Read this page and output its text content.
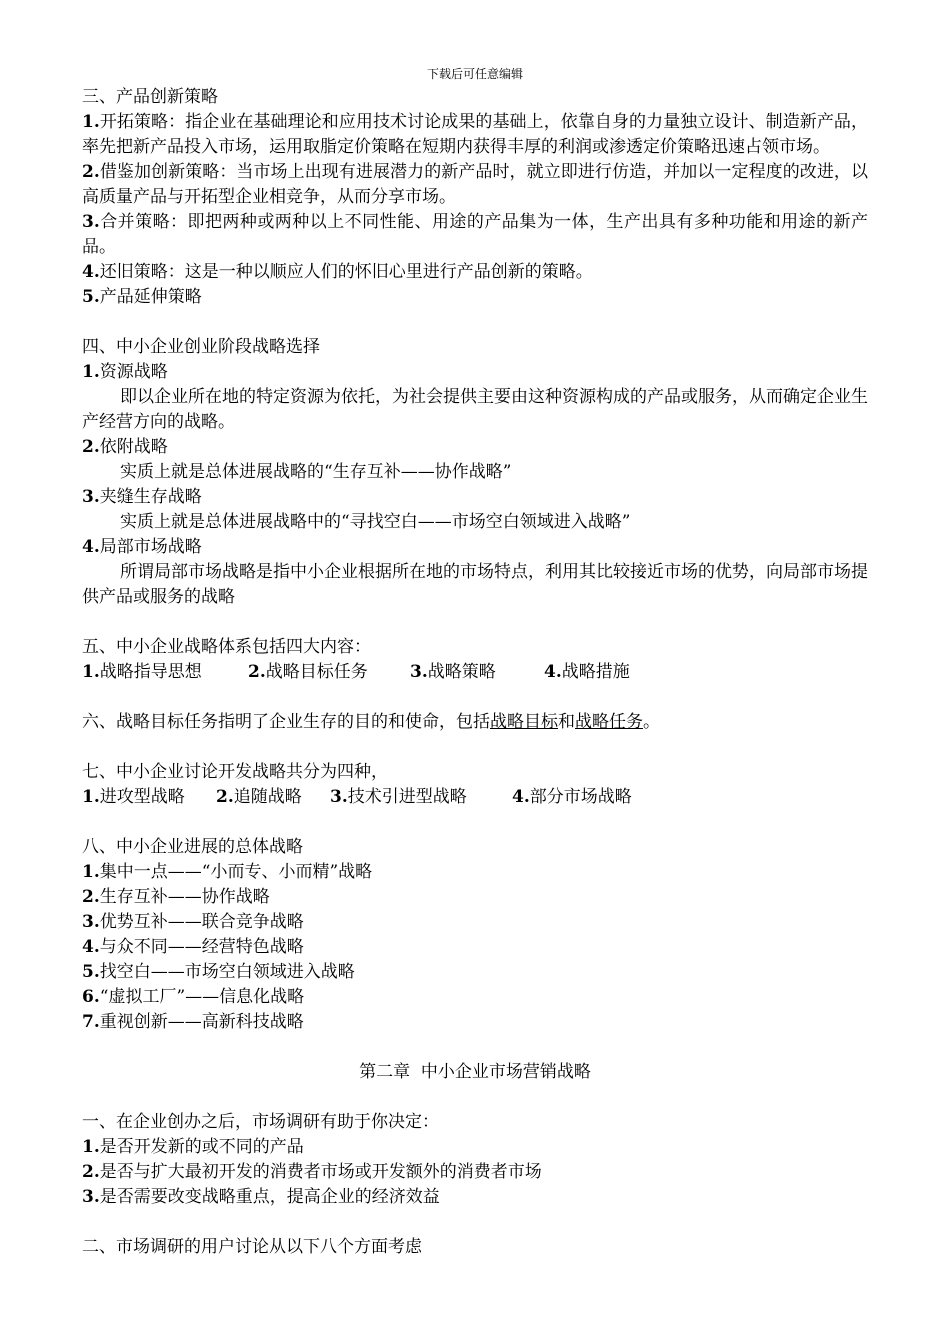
下载后可任意编辑

三、产品创新策略

1.开拓策略：指企业在基础理论和应用技术讨论成果的基础上，依靠自身的力量独立设计、制造新产品，率先把新产品投入市场，运用取脂定价策略在短期内获得丰厚的利润或渗透定价策略迅速占领市场。

2.借鉴加创新策略：当市场上出现有进展潜力的新产品时，就立即进行仿造，并加以一定程度的改进，以高质量产品与开拓型企业相竞争，从而分享市场。

3.合并策略：即把两种或两种以上不同性能、用途的产品集为一体，生产出具有多种功能和用途的新产品。

4.还旧策略：这是一种以顺应人们的怀旧心里进行产品创新的策略。

5.产品延伸策略

四、中小企业创业阶段战略选择

1.资源战略

即以企业所在地的特定资源为依托，为社会提供主要由这种资源构成的产品或服务，从而确定企业生产经营方向的战略。

2.依附战略

实质上就是总体进展战略的“生存互补——协作战略”

3.夹缝生存战略

实质上就是总体进展战略中的“寻找空白——市场空白领域进入战略”

4.局部市场战略

所谓局部市场战略是指中小企业根据所在地的市场特点，利用其比较接近市场的优势，向局部市场提供产品或服务的战略

五、中小企业战略体系包括四大内容：

1.战略指导思想	2.战略目标任务 3.战略策略	4.战略措施

六、战略目标任务指明了企业生存的目的和使命，包括战略目标和战略任务。

七、中小企业讨论开发战略共分为四种，

1.进攻型战略 2.追随战略 3.技术引进型战略	4.部分市场战略

八、中小企业进展的总体战略

1.集中一点——“小而专、小而精”战略

2.生存互补——协作战略

3.优势互补——联合竞争战略

4.与众不同——经营特色战略

5.找空白——市场空白领域进入战略

6.“虚拟工厂”——信息化战略

7.重视创新——高新科技战略

第二章  中小企业市场营销战略

一、在企业创办之后，市场调研有助于你决定：

1.是否开发新的或不同的产品

2.是否与扩大最初开发的消费者市场或开发额外的消费者市场

3.是否需要改变战略重点，提高企业的经济效益

二、市场调研的用户讨论从以下八个方面考虑
